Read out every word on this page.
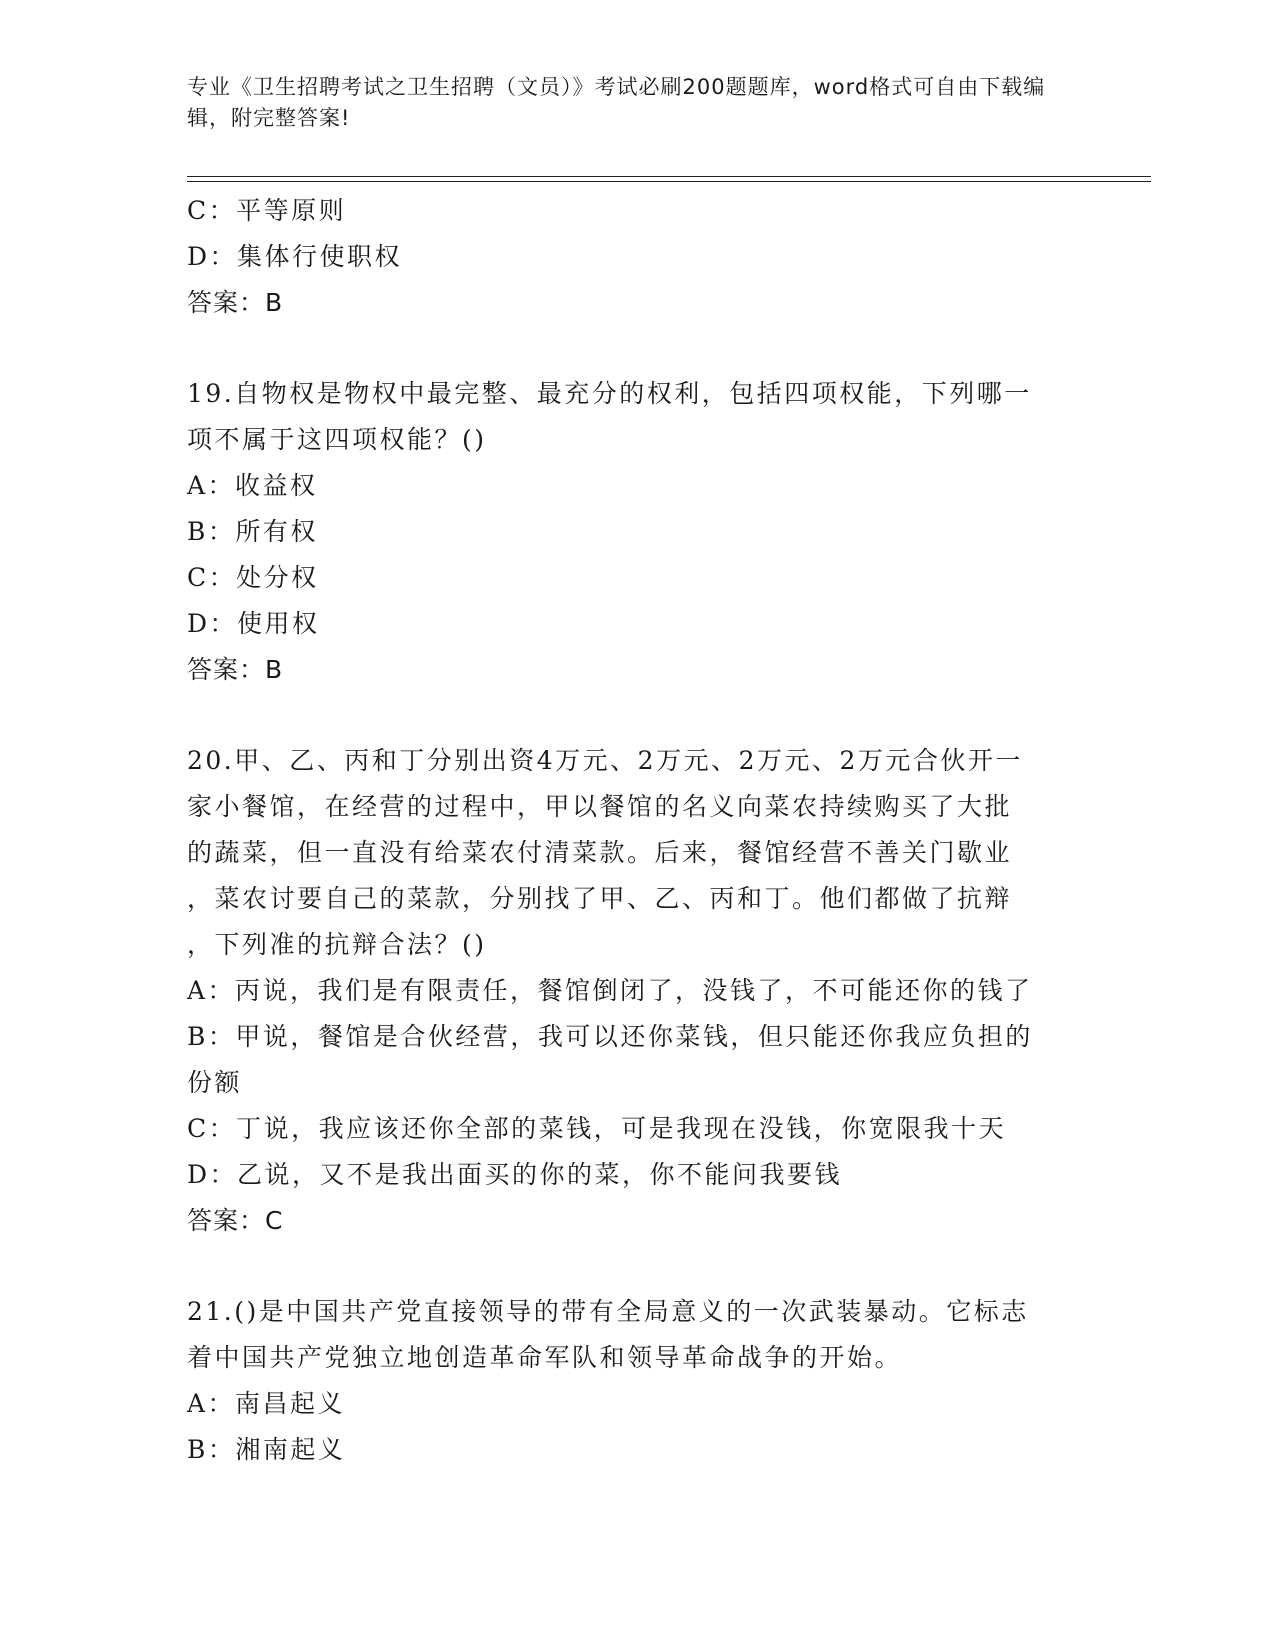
专业《卫生招聘考试之卫生招聘（文员）》考试必刷200题题库，word格式可自由下载编辑，附完整答案!

C：平等原则

D：集体行使职权

答案：B

19.自物权是物权中最完整、最充分的权利，包括四项权能，下列哪一

项不属于这四项权能？()

A：收益权

B：所有权

C：处分权

D：使用权

答案：B

20.甲、乙、丙和丁分别出资4万元、2万元、2万元、2万元合伙开一

家小餐馆，在经营的过程中，甲以餐馆的名义向菜农持续购买了大批

的蔬菜，但一直没有给菜农付清菜款。后来，餐馆经营不善关门歇业

，菜农讨要自己的菜款，分别找了甲、乙、丙和丁。他们都做了抗辩

，下列准的抗辩合法？()

A：丙说，我们是有限责任，餐馆倒闭了，没钱了，不可能还你的钱了

B：甲说，餐馆是合伙经营，我可以还你菜钱，但只能还你我应负担的

份额

C：丁说，我应该还你全部的菜钱，可是我现在没钱，你宽限我十天

D：乙说，又不是我出面买的你的菜，你不能问我要钱

答案：C

21.()是中国共产党直接领导的带有全局意义的一次武装暴动。它标志

着中国共产党独立地创造革命军队和领导革命战争的开始。

A：南昌起义

B：湘南起义
